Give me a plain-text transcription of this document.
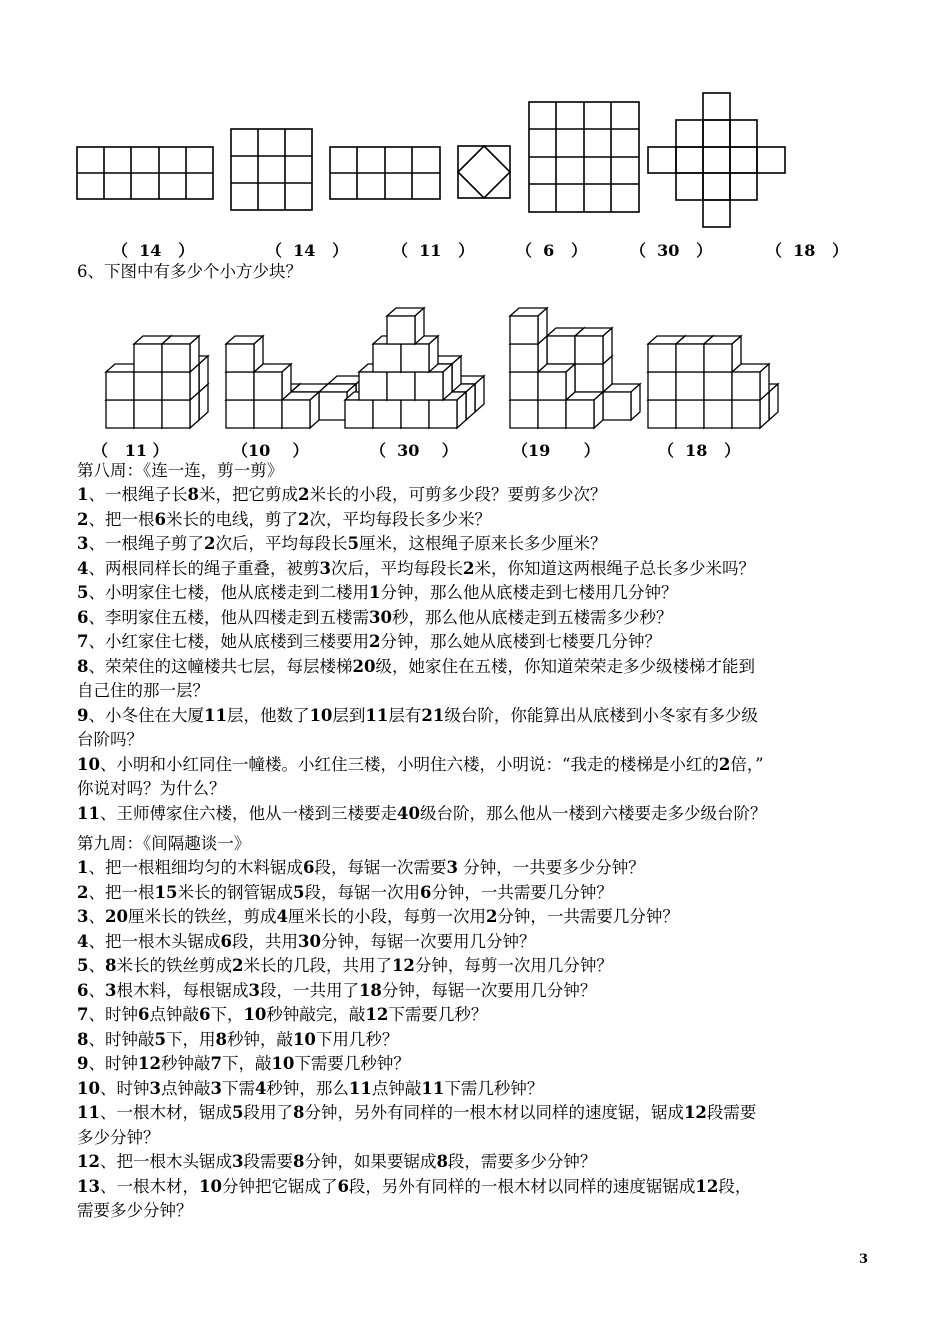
（  14   ）	（  14   ）	（  11   ）	（  6   ）	（  30   ）	（  18   ）
6、下图中有多少个小方少块？
（   11 ）	（10    ）	（  30    ）	（19      ）	（  18   ）
第八周：《连一连，剪一剪》
1、一根绳子长8米，把它剪成2米长的小段，可剪多少段？要剪多少次？
2、把一根6米长的电线，剪了2次，平均每段长多少米？
3、一根绳子剪了2次后，平均每段长5厘米，这根绳子原来长多少厘米？
4、两根同样长的绳子重叠，被剪3次后，平均每段长2米，你知道这两根绳子总长多少米吗？
5、小明家住七楼，他从底楼走到二楼用1分钟，那么他从底楼走到七楼用几分钟？
6、李明家住五楼，他从四楼走到五楼需30秒，那么他从底楼走到五楼需多少秒？
7、小红家住七楼，她从底楼到三楼要用2分钟，那么她从底楼到七楼要几分钟？
8、荣荣住的这幢楼共七层，每层楼梯20级，她家住在五楼，你知道荣荣走多少级楼梯才能到
自己住的那一层？
9、小冬住在大厦11层，他数了10层到11层有21级台阶，你能算出从底楼到小冬家有多少级
台阶吗？
10、小明和小红同住一幢楼。小红住三楼，小明住六楼，小明说：“我走的楼梯是小红的2倍，”
你说对吗？为什么？
11、王师傅家住六楼，他从一楼到三楼要走40级台阶，那么他从一楼到六楼要走多少级台阶？
第九周：《间隔趣谈一》
1、把一根粗细均匀的木料锯成6段，每锯一次需要3 分钟，一共要多少分钟？
2、把一根15米长的钢管锯成5段，每锯一次用6分钟，一共需要几分钟？
3、20厘米长的铁丝，剪成4厘米长的小段，每剪一次用2分钟，一共需要几分钟？
4、把一根木头锯成6段，共用30分钟，每锯一次要用几分钟？
5、8米长的铁丝剪成2米长的几段，共用了12分钟，每剪一次用几分钟？
6、3根木料，每根锯成3段，一共用了18分钟，每锯一次要用几分钟？
7、时钟6点钟敲6下，10秒钟敲完，敲12下需要几秒？
8、时钟敲5下，用8秒钟，敲10下用几秒？
9、时钟12秒钟敲7下，敲10下需要几秒钟？
10、时钟3点钟敲3下需4秒钟，那么11点钟敲11下需几秒钟？
11、一根木材，锯成5段用了8分钟，另外有同样的一根木材以同样的速度锯，锯成12段需要
多少分钟？
12、把一根木头锯成3段需要8分钟，如果要锯成8段，需要多少分钟？
13、一根木材，10分钟把它锯成了6段，另外有同样的一根木材以同样的速度锯锯成12段，
需要多少分钟？
3
